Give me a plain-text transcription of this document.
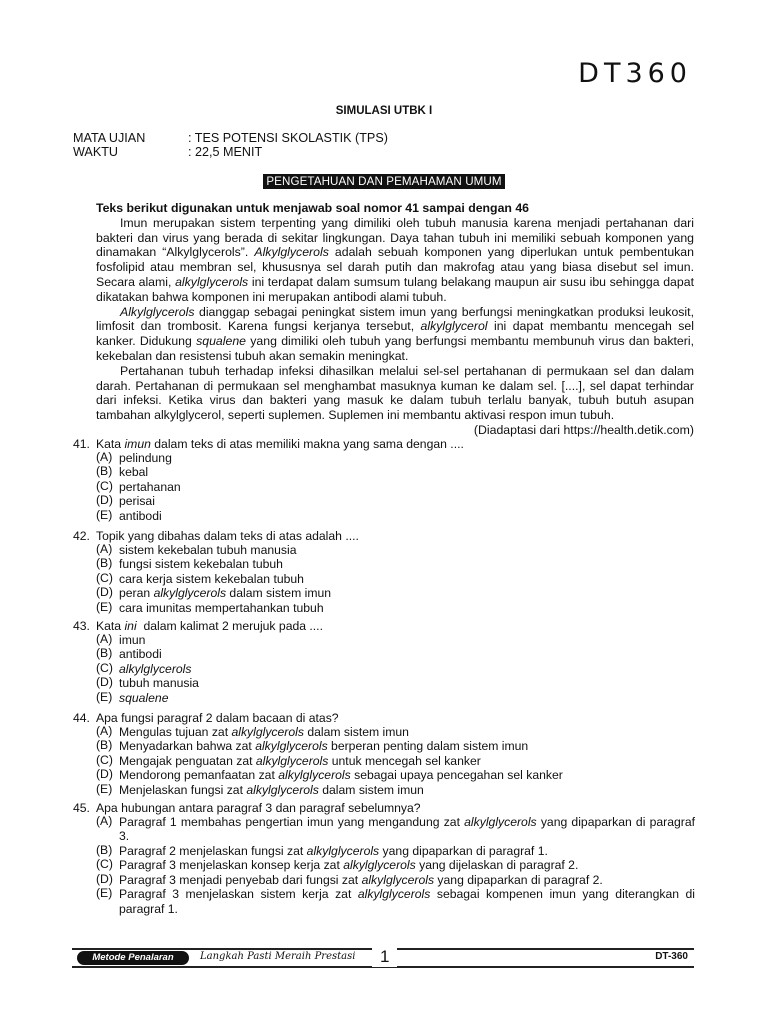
DT360
SIMULASI UTBK I
MATA UJIAN	: TES POTENSI SKOLASTIK (TPS)
WAKTU	: 22,5 MENIT
PENGETAHUAN DAN PEMAHAMAN UMUM
Teks berikut digunakan untuk menjawab soal nomor 41 sampai dengan 46

Imun merupakan sistem terpenting yang dimiliki oleh tubuh manusia karena menjadi pertahanan dari bakteri dan virus yang berada di sekitar lingkungan. Daya tahan tubuh ini memiliki sebuah komponen yang dinamakan “Alkylglycerols”. Alkylglycerols adalah sebuah komponen yang diperlukan untuk pembentukan fosfolipid atau membran sel, khususnya sel darah putih dan makrofag atau yang biasa disebut sel imun. Secara alami, alkylglycerols ini terdapat dalam sumsum tulang belakang maupun air susu ibu sehingga dapat dikatakan bahwa komponen ini merupakan antibodi alami tubuh.

Alkylglycerols dianggap sebagai peningkat sistem imun yang berfungsi meningkatkan produksi leukosit, limfosit dan trombosit. Karena fungsi kerjanya tersebut, alkylglycerol ini dapat membantu mencegah sel kanker. Didukung squalene yang dimiliki oleh tubuh yang berfungsi membantu membunuh virus dan bakteri, kekebalan dan resistensi tubuh akan semakin meningkat.

Pertahanan tubuh terhadap infeksi dihasilkan melalui sel-sel pertahanan di permukaan sel dan dalam darah. Pertahanan di permukaan sel menghambat masuknya kuman ke dalam sel. [....], sel dapat terhindar dari infeksi. Ketika virus dan bakteri yang masuk ke dalam tubuh terlalu banyak, tubuh butuh asupan tambahan alkylglycerol, seperti suplemen. Suplemen ini membantu aktivasi respon imun tubuh.

(Diadaptasi dari https://health.detik.com)
41. Kata imun dalam teks di atas memiliki makna yang sama dengan ....
(A) pelindung
(B) kebal
(C) pertahanan
(D) perisai
(E) antibodi
42. Topik yang dibahas dalam teks di atas adalah ....
(A) sistem kekebalan tubuh manusia
(B) fungsi sistem kekebalan tubuh
(C) cara kerja sistem kekebalan tubuh
(D) peran alkylglycerols dalam sistem imun
(E) cara imunitas mempertahankan tubuh
43. Kata ini  dalam kalimat 2 merujuk pada ....
(A) imun
(B) antibodi
(C) alkylglycerols
(D) tubuh manusia
(E) squalene
44. Apa fungsi paragraf 2 dalam bacaan di atas?
(A) Mengulas tujuan zat alkylglycerols dalam sistem imun
(B) Menyadarkan bahwa zat alkylglycerols berperan penting dalam sistem imun
(C) Mengajak penguatan zat alkylglycerols untuk mencegah sel kanker
(D) Mendorong pemanfaatan zat alkylglycerols sebagai upaya pencegahan sel kanker
(E) Menjelaskan fungsi zat alkylglycerols dalam sistem imun
45. Apa hubungan antara paragraf 3 dan paragraf sebelumnya?
(A) Paragraf 1 membahas pengertian imun yang mengandung zat alkylglycerols yang dipaparkan di paragraf 3.
(B) Paragraf 2 menjelaskan fungsi zat alkylglycerols yang dipaparkan di paragraf 1.
(C) Paragraf 3 menjelaskan konsep kerja zat alkylglycerols yang dijelaskan di paragraf 2.
(D) Paragraf 3 menjadi penyebab dari fungsi zat alkylglycerols yang dipaparkan di paragraf 2.
(E) Paragraf 3 menjelaskan sistem kerja zat alkylglycerols sebagai kompenen imun yang diterangkan di paragraf 1.
Metode Penalaran	Langkah Pasti Meraih Prestasi	1	DT-360
